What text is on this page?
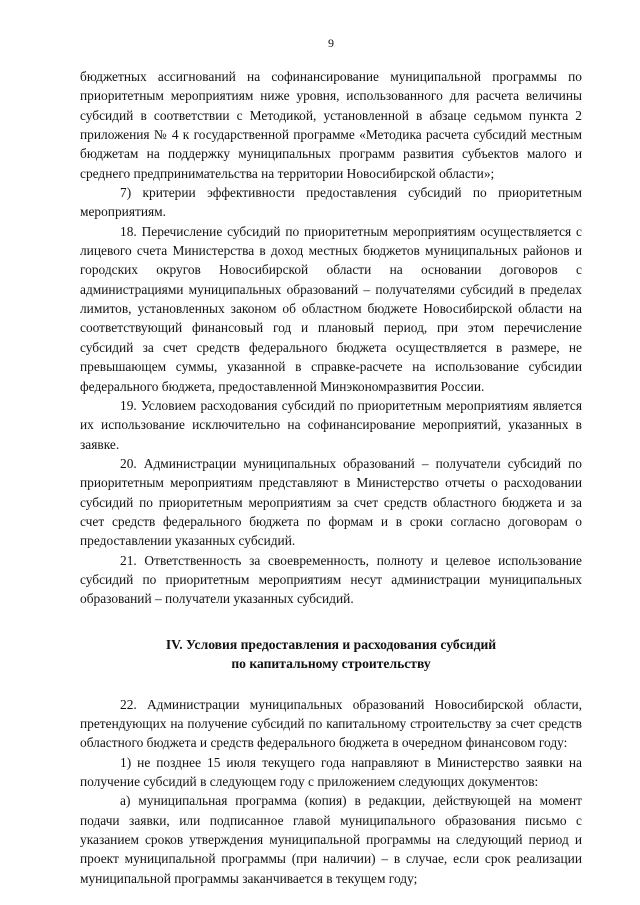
9

бюджетных ассигнований на софинансирование муниципальной программы по приоритетным мероприятиям ниже уровня, использованного для расчета величины субсидий в соответствии с Методикой, установленной в абзаце седьмом пункта 2 приложения № 4 к государственной программе «Методика расчета субсидий местным бюджетам на поддержку муниципальных программ развития субъектов малого и среднего предпринимательства на территории Новосибирской области»;

7) критерии эффективности предоставления субсидий по приоритетным мероприятиям.

18. Перечисление субсидий по приоритетным мероприятиям осуществляется с лицевого счета Министерства в доход местных бюджетов муниципальных районов и городских округов Новосибирской области на основании договоров с администрациями муниципальных образований – получателями субсидий в пределах лимитов, установленных законом об областном бюджете Новосибирской области на соответствующий финансовый год и плановый период, при этом перечисление субсидий за счет средств федерального бюджета осуществляется в размере, не превышающем суммы, указанной в справке-расчете на использование субсидии федерального бюджета, предоставленной Минэкономразвития России.

19. Условием расходования субсидий по приоритетным мероприятиям является их использование исключительно на софинансирование мероприятий, указанных в заявке.

20. Администрации муниципальных образований – получатели субсидий по приоритетным мероприятиям представляют в Министерство отчеты о расходовании субсидий по приоритетным мероприятиям за счет средств областного бюджета и за счет средств федерального бюджета по формам и в сроки согласно договорам о предоставлении указанных субсидий.

21. Ответственность за своевременность, полноту и целевое использование субсидий по приоритетным мероприятиям несут администрации муниципальных образований – получатели указанных субсидий.

IV. Условия предоставления и расходования субсидий
по капитальному строительству

22. Администрации муниципальных образований Новосибирской области, претендующих на получение субсидий по капитальному строительству за счет средств областного бюджета и средств федерального бюджета в очередном финансовом году:

1) не позднее 15 июля текущего года направляют в Министерство заявки на получение субсидий в следующем году с приложением следующих документов:

а) муниципальная программа (копия) в редакции, действующей на момент подачи заявки, или подписанное главой муниципального образования письмо с указанием сроков утверждения муниципальной программы на следующий период и проект муниципальной программы (при наличии) – в случае, если срок реализации муниципальной программы заканчивается в текущем году;
